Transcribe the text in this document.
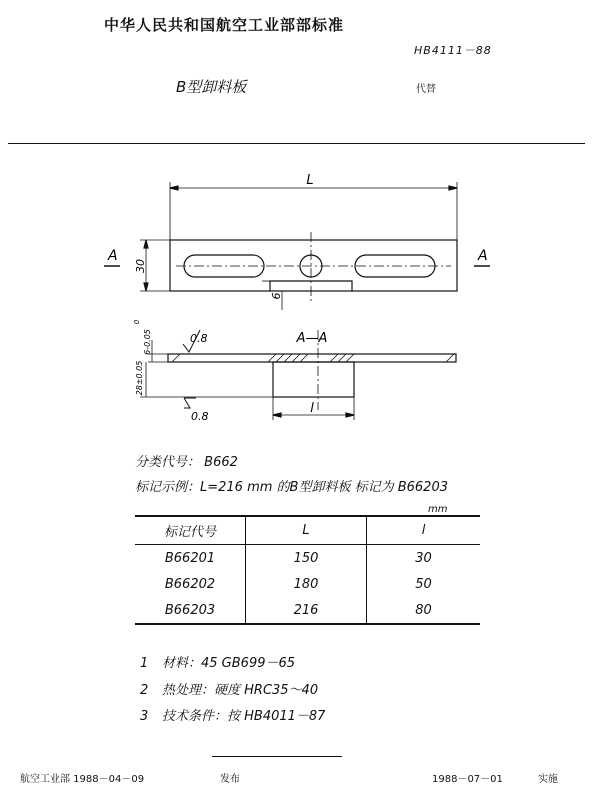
中华人民共和国航空工业部部标准
HB4111－88
B型卸料板	代替
L
30
6
A	A
A—A
0.8
0.8
l
6-0.05
0
28±0.05
分类代号： B662
标记示例：L=216 mm 的B型卸料板 标记为 B66203
mm
标记代号	L	l
B66201	150	30
B66202	180	50
B66203	216	80
1 材料：45 GB699－65
2 热处理：硬度 HRC35～40
3 技术条件：按 HB4011－87
航空工业部 1988－04－09	发布	1988－07－01	实施
